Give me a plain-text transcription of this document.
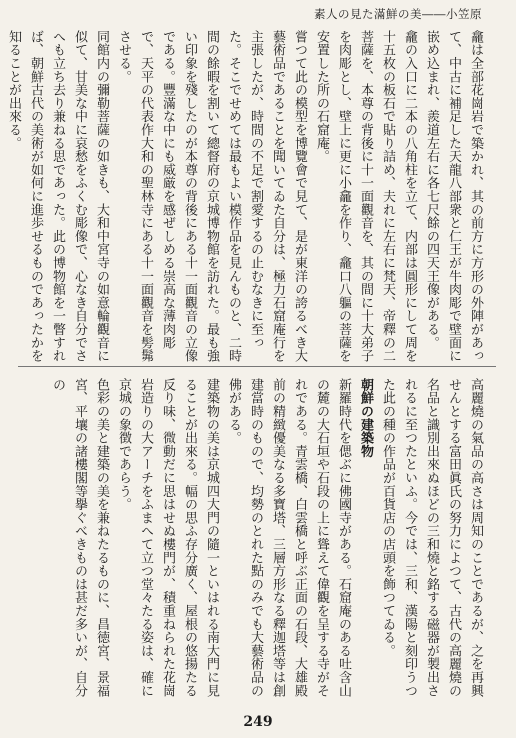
素人の見た滿鮮の美――小笠原

龕は全部花崗岩で築かれ、其の前方に方形の外陣があって、中古に補足した天龍八部衆と仁王が牛肉彫で壁面に嵌め込まれ、羨道左右に各七尺餘の四天王像がある。

龕の入口に二本の八角柱を立て、内部は圓形にして周を十五枚の板石で貼り詰め、夫れに左右に梵天、帝釋の二菩薩を、本尊の背後に十一面觀音を、其の間に十大弟子を肉彫とし、壁上に更に小龕を作り、龕口八軀の菩薩を安置した所の石窟庵。

嘗つて此の模型を博覽會で見て、是が東洋の誇るべき大藝術品であることを聞いてゐた自分は、極力石窟庵行を主張したが、時間の不足で割愛するの止むなきに至った。そこでせめては最もよい模作品を見んものと、二時間の餘暇を割いて總督府の京城博物館を訪れた。最も強い印象を殘したのが本尊の背後にある十一面觀音の立像である。豐滿な中にも威厳を感ぜしめる崇高な薄肉彫で、天平の代表作大和の聖林寺にある十一面觀音を髣髴させる。

同館内の彌勒菩薩の如きも、大和中宮寺の如意輪觀音に似て、甘美な中に哀愁をふくむ彫像で、心なき自分でさへも立ち去り兼ねる思であった。此の博物館を一瞥すれば、朝鮮古代の美術が如何に進歩せるものであったかを知ることが出來る。

高麗燒の氣品の高さは周知のことであるが、之を再興せんとする富田眞氏の努力によつて、古代の高麗燒の名品と識別出來ぬほどの三和燒と銘する磁器が製出されるに至つたといふ。今では、三和、漢陽と刻印うつた此の種の作品が百貨店の店頭を飾つてゐる。

朝鮮の建築物

新羅時代を偲ぶに佛國寺がある。石窟庵のある吐含山の麓の大石垣や石段の上に聳えて偉觀を呈する寺がそれである。青雲橋、白雲橋と呼ぶ正面の石段、大雄殿前の精緻優美なる多寶塔、三層方形なる釋迦塔等は創建當時のもので、均勢のとれた點のみでも大藝術品の佛がある。

建築物の美は京城四大門の隨一といはれる南大門に見ることが出來る。幅の思ふ存分廣く、屋根の悠揚たる反り味、微動だに思はせぬ樓門が、積重ねられた花崗岩造りの大アーチをふまへて立つ堂々たる姿は、確に京城の象徴であらう。

色彩の美と建築の美を兼ねたるものに、昌徳宮、景福宮、平壤の諸樓閣等擧ぐべきものは甚だ多いが、自分の

249
